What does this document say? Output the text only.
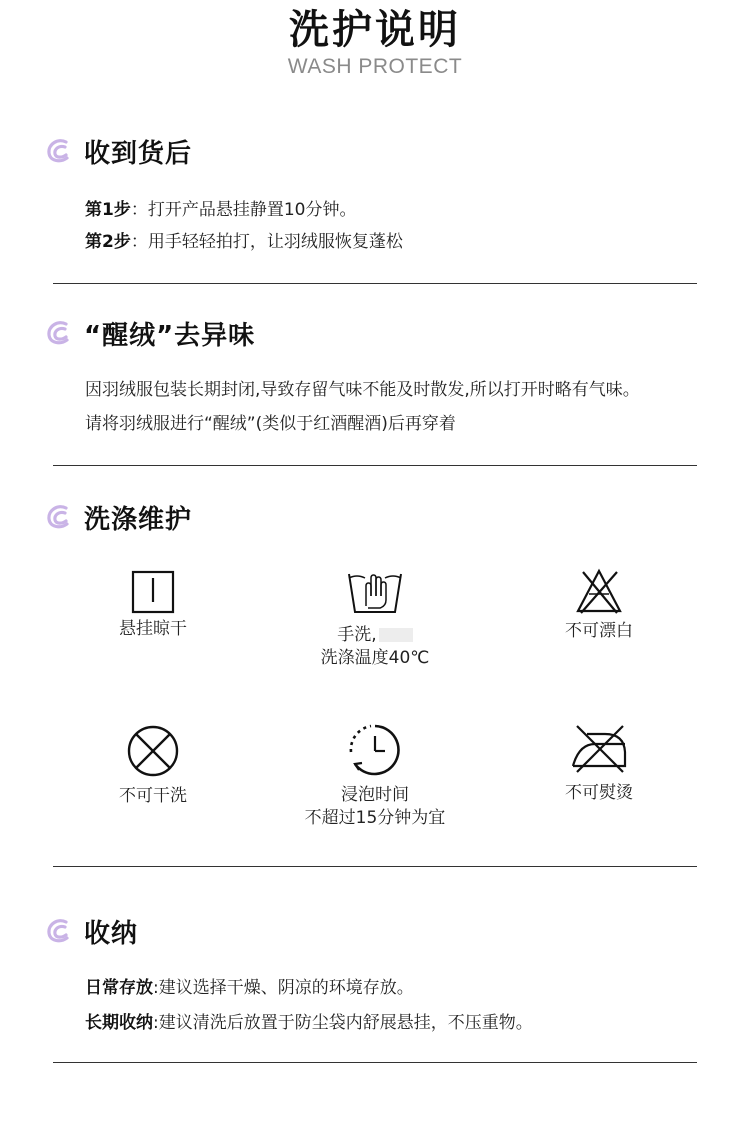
洗护说明
WASH PROTECT
收到货后
第1步：打开产品悬挂静置10分钟。
第2步：用手轻轻拍打，让羽绒服恢复蓬松
“醒绒”去异味
因羽绒服包装长期封闭,导致存留气味不能及时散发,所以打开时略有气味。
请将羽绒服进行“醒绒”(类似于红酒醒酒)后再穿着
洗涤维护
悬挂晾干	手洗,
洗涤温度40℃
不可漂白
不可干洗	浸泡时间
不超过15分钟为宜
不可熨烫
收纳
日常存放:建议选择干燥、阴凉的环境存放。
长期收纳:建议清洗后放置于防尘袋内舒展悬挂，不压重物。
